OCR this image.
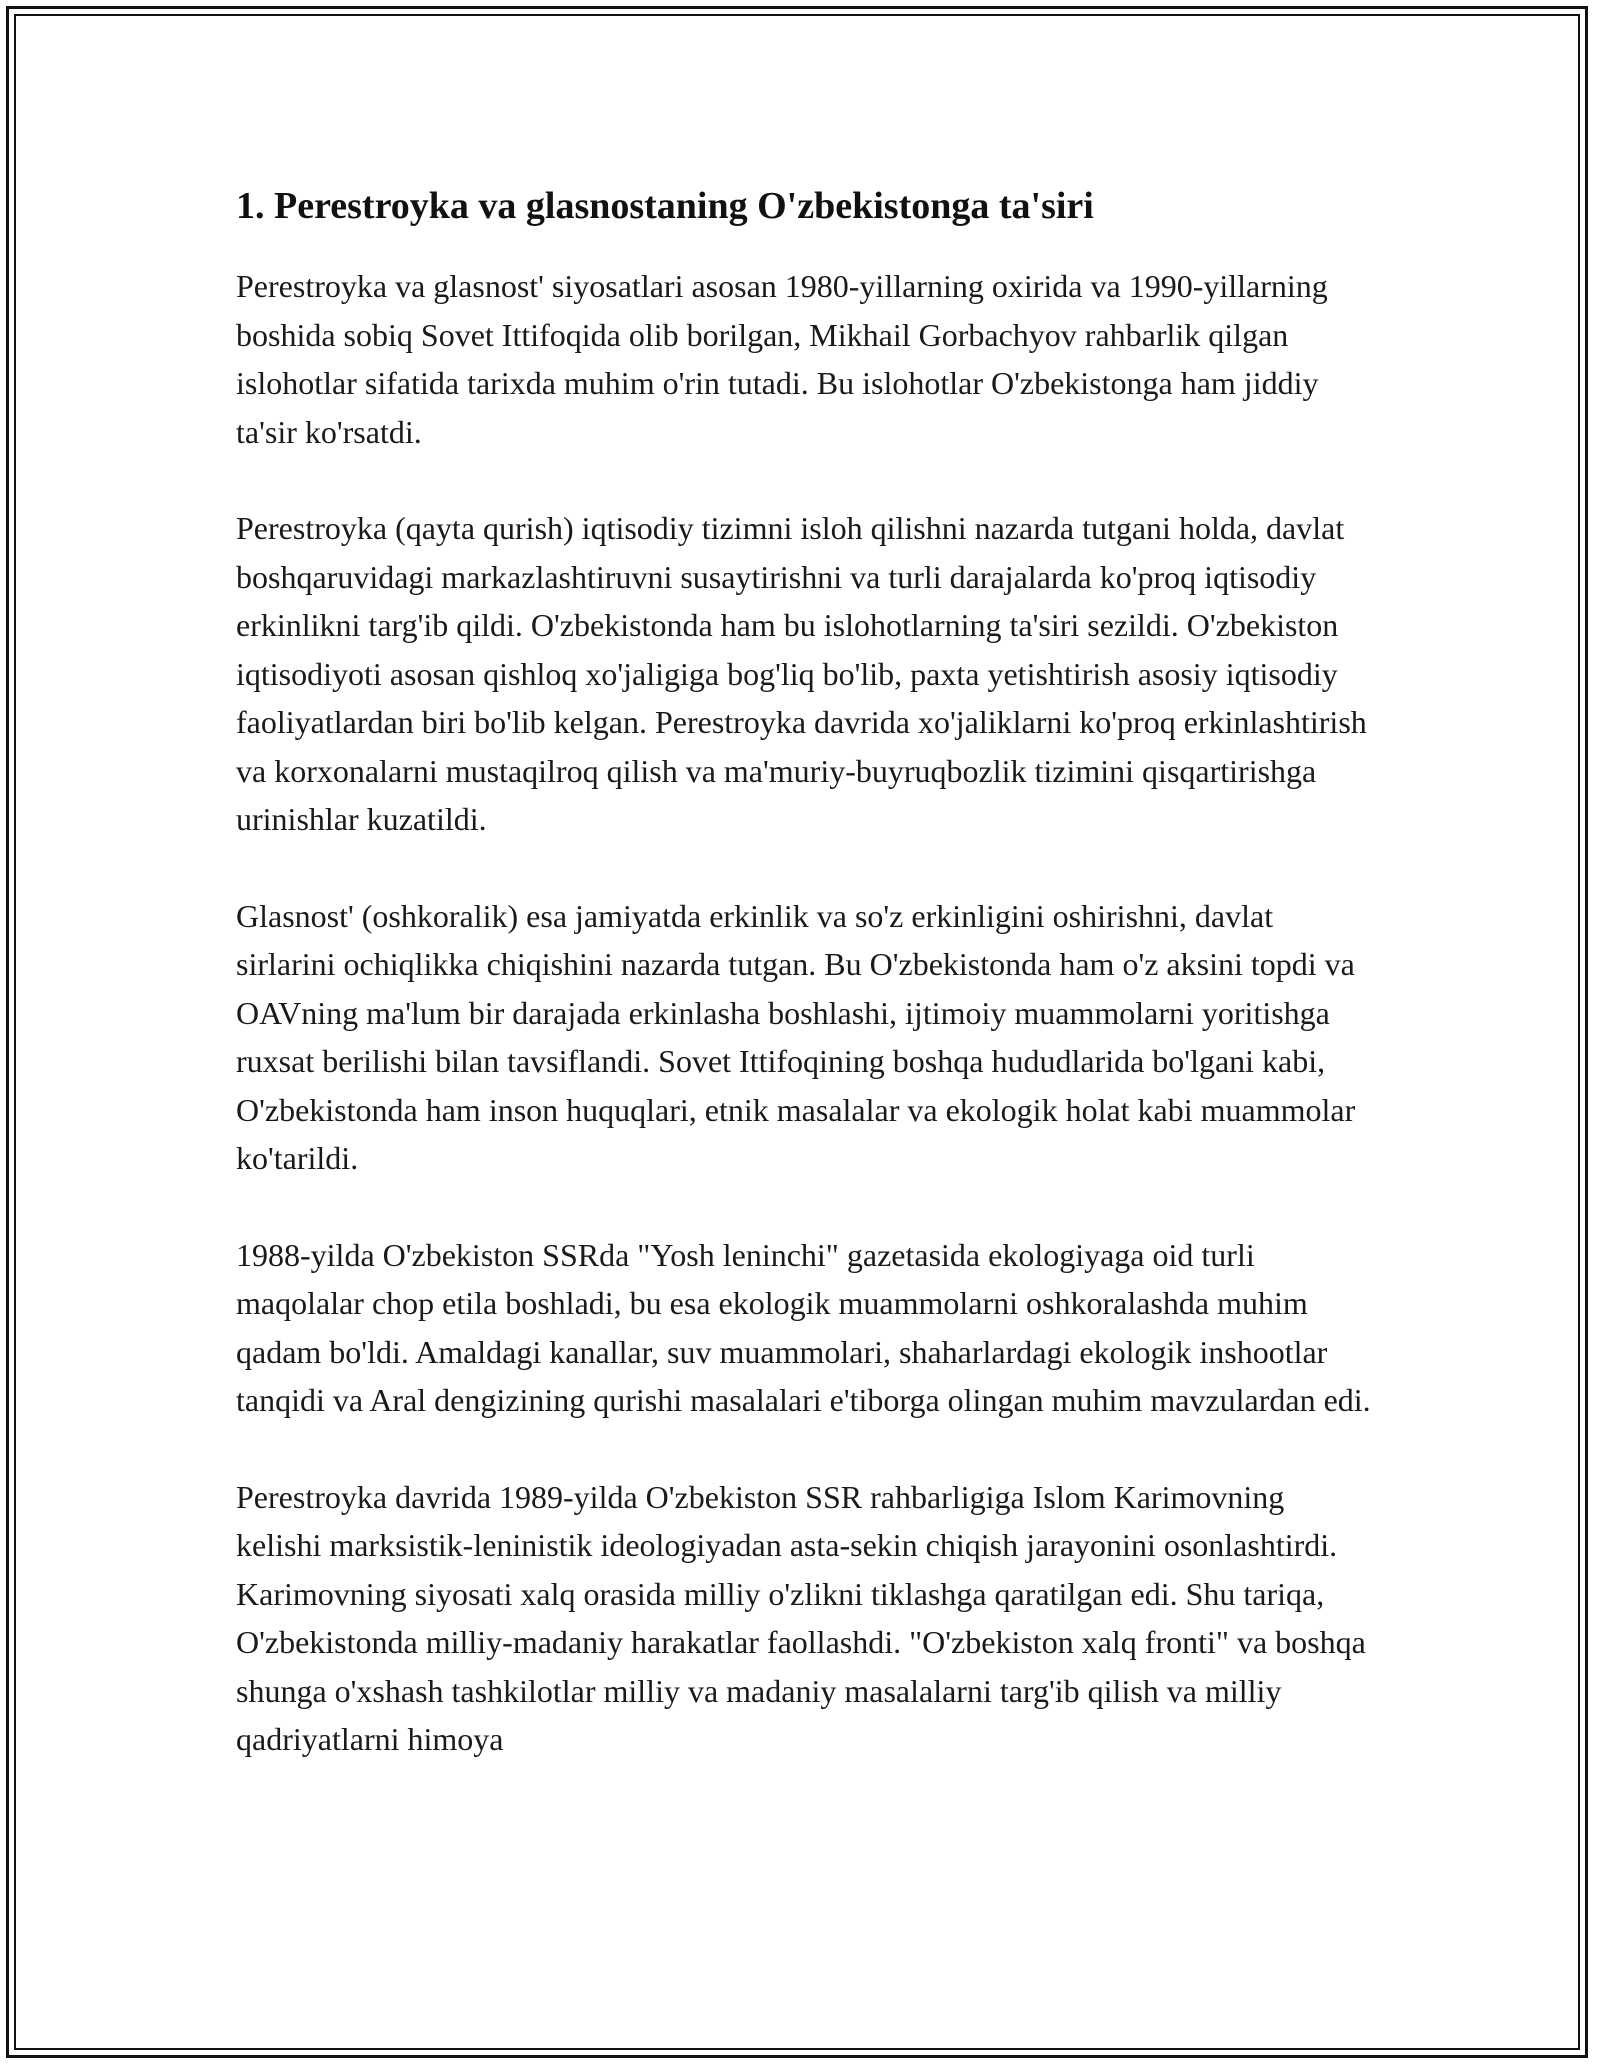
1. Perestroyka va glasnostaning O'zbekistonga ta'siri

Perestroyka va glasnost' siyosatlari asosan 1980-yillarning oxirida va 1990-yillarning boshida sobiq Sovet Ittifoqida olib borilgan, Mikhail Gorbachyov rahbarlik qilgan islohotlar sifatida tarixda muhim o'rin tutadi. Bu islohotlar O'zbekistonga ham jiddiy ta'sir ko'rsatdi.

Perestroyka (qayta qurish) iqtisodiy tizimni isloh qilishni nazarda tutgani holda, davlat boshqaruvidagi markazlashtiruvni susaytirishni va turli darajalarda ko'proq iqtisodiy erkinlikni targ'ib qildi. O'zbekistonda ham bu islohotlarning ta'siri sezildi. O'zbekiston iqtisodiyoti asosan qishloq xo'jaligiga bog'liq bo'lib, paxta yetishtirish asosiy iqtisodiy faoliyatlardan biri bo'lib kelgan. Perestroyka davrida xo'jaliklarni ko'proq erkinlashtirish va korxonalarni mustaqilroq qilish va ma'muriy-buyruqbozlik tizimini qisqartirishga urinishlar kuzatildi.

Glasnost' (oshkoralik) esa jamiyatda erkinlik va so'z erkinligini oshirishni, davlat sirlarini ochiqlikka chiqishini nazarda tutgan. Bu O'zbekistonda ham o'z aksini topdi va OAVning ma'lum bir darajada erkinlasha boshlashi, ijtimoiy muammolarni yoritishga ruxsat berilishi bilan tavsiflandi. Sovet Ittifoqining boshqa hududlarida bo'lgani kabi, O'zbekistonda ham inson huquqlari, etnik masalalar va ekologik holat kabi muammolar ko'tarildi.

1988-yilda O'zbekiston SSRda "Yosh leninchi" gazetasida ekologiyaga oid turli maqolalar chop etila boshladi, bu esa ekologik muammolarni oshkoralashda muhim qadam bo'ldi. Amaldagi kanallar, suv muammolari, shaharlardagi ekologik inshootlar tanqidi va Aral dengizining qurishi masalalari e'tiborga olingan muhim mavzulardan edi.

Perestroyka davrida 1989-yilda O'zbekiston SSR rahbarligiga Islom Karimovning kelishi marksistik-leninistik ideologiyadan asta-sekin chiqish jarayonini osonlashtirdi. Karimovning siyosati xalq orasida milliy o'zlikni tiklashga qaratilgan edi. Shu tariqa, O'zbekistonda milliy-madaniy harakatlar faollashdi. "O'zbekiston xalq fronti" va boshqa shunga o'xshash tashkilotlar milliy va madaniy masalalarni targ'ib qilish va milliy qadriyatlarni himoya
